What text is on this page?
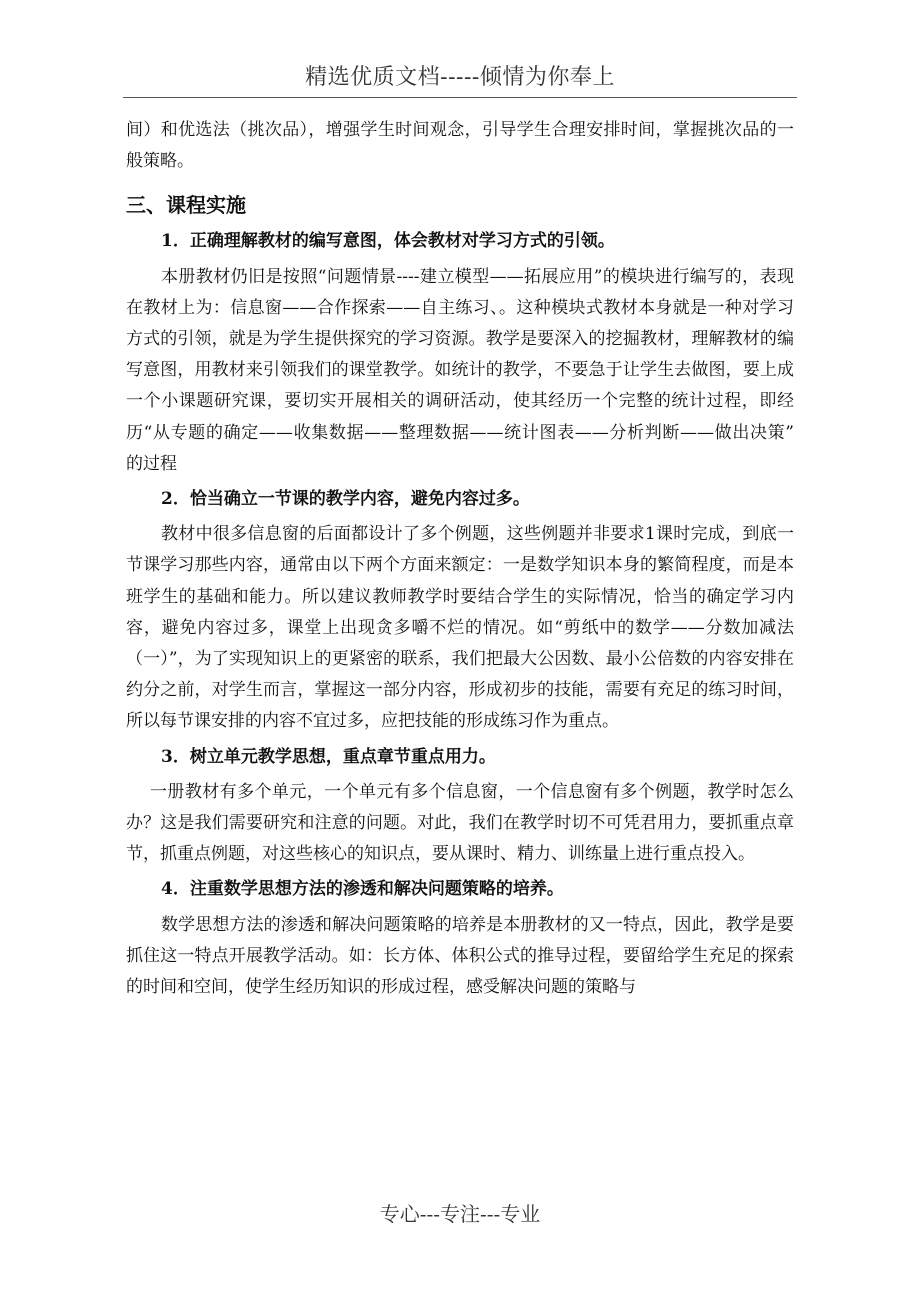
精选优质文档-----倾情为你奉上

间）和优选法（挑次品），增强学生时间观念，引导学生合理安排时间，掌握挑次品的一般策略。

三、课程实施

1．正确理解教材的编写意图，体会教材对学习方式的引领。

本册教材仍旧是按照“问题情景----建立模型——拓展应用”的模块进行编写的，表现在教材上为：信息窗——合作探索——自主练习、。这种模块式教材本身就是一种对学习方式的引领，就是为学生提供探究的学习资源。教学是要深入的挖掘教材，理解教材的编写意图，用教材来引领我们的课堂教学。如统计的教学，不要急于让学生去做图，要上成一个小课题研究课，要切实开展相关的调研活动，使其经历一个完整的统计过程，即经历“从专题的确定——收集数据——整理数据——统计图表——分析判断——做出决策” 的过程

2．恰当确立一节课的教学内容，避免内容过多。

教材中很多信息窗的后面都设计了多个例题，这些例题并非要求1课时完成，到底一节课学习那些内容，通常由以下两个方面来额定：一是数学知识本身的繁简程度，而是本班学生的基础和能力。所以建议教师教学时要结合学生的实际情况，恰当的确定学习内容，避免内容过多，课堂上出现贪多嚼不烂的情况。如“剪纸中的数学——分数加减法（一）”，为了实现知识上的更紧密的联系，我们把最大公因数、最小公倍数的内容安排在约分之前，对学生而言，掌握这一部分内容，形成初步的技能，需要有充足的练习时间，所以每节课安排的内容不宜过多，应把技能的形成练习作为重点。

3．树立单元教学思想，重点章节重点用力。

一册教材有多个单元，一个单元有多个信息窗，一个信息窗有多个例题，教学时怎么办？这是我们需要研究和注意的问题。对此，我们在教学时切不可凭君用力，要抓重点章节，抓重点例题，对这些核心的知识点，要从课时、精力、训练量上进行重点投入。

4．注重数学思想方法的渗透和解决问题策略的培养。

数学思想方法的渗透和解决问题策略的培养是本册教材的又一特点，因此，教学是要抓住这一特点开展教学活动。如：长方体、体积公式的推导过程，要留给学生充足的探索的时间和空间，使学生经历知识的形成过程，感受解决问题的策略与

专心---专注---专业
